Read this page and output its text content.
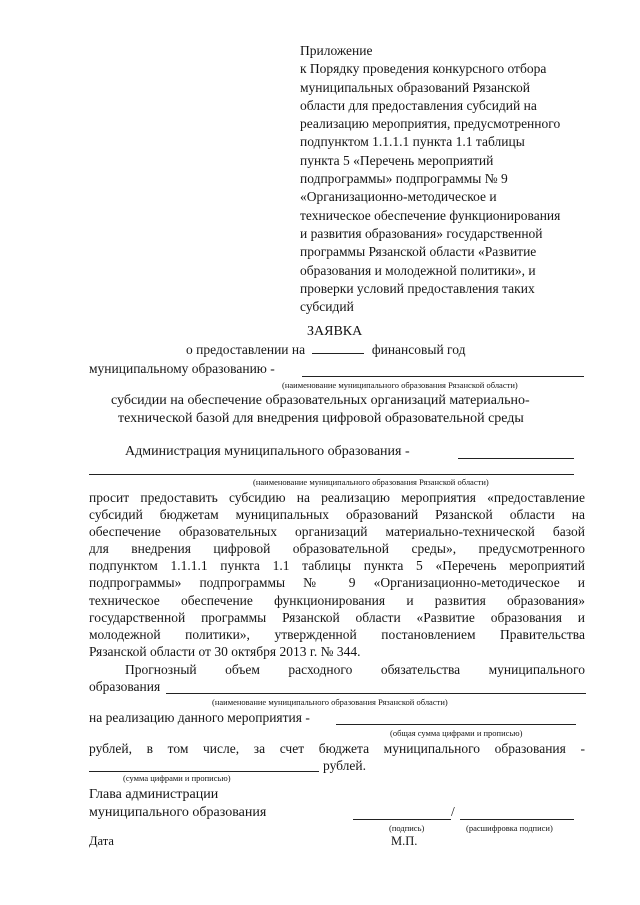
Приложение
к Порядку проведения конкурсного отбора
муниципальных образований Рязанской
области для предоставления субсидий на
реализацию мероприятия, предусмотренного
подпунктом 1.1.1.1 пункта 1.1 таблицы
пункта 5 «Перечень мероприятий
подпрограммы» подпрограммы № 9
«Организационно-методическое и
техническое обеспечение функционирования
и развития образования» государственной
программы Рязанской области «Развитие
образования и молодежной политики», и
проверки условий предоставления таких
субсидий
ЗАЯВКА
о предоставлении на	финансовый год
муниципальному образованию -
(наименование муниципального образования Рязанской области)
субсидии на обеспечение образовательных организаций материально-
технической базой для внедрения цифровой образовательной среды
Администрация муниципального образования -
(наименование муниципального образования Рязанской области)
просит предоставить субсидию на реализацию мероприятия «предоставление
субсидий бюджетам муниципальных образований Рязанской области на
обеспечение образовательных организаций материально-технической базой
для внедрения цифровой образовательной среды», предусмотренного
подпунктом 1.1.1.1 пункта 1.1 таблицы пункта 5 «Перечень мероприятий
подпрограммы» подпрограммы № 9 «Организационно-методическое и
техническое обеспечение функционирования и развития образования»
государственной программы Рязанской области «Развитие образования и
молодежной политики», утвержденной постановлением Правительства
Рязанской области от 30 октября 2013 г. № 344.
Прогнозный объем расходного обязательства муниципального
образования
(наименование муниципального образования Рязанской области)
на реализацию данного мероприятия -
(общая сумма цифрами и прописью)
рублей, в том числе, за счет бюджета муниципального образования -
рублей.
(сумма цифрами и прописью)
Глава администрации
муниципального образования	/
(подпись)	(расшифровка подписи)
Дата	М.П.
